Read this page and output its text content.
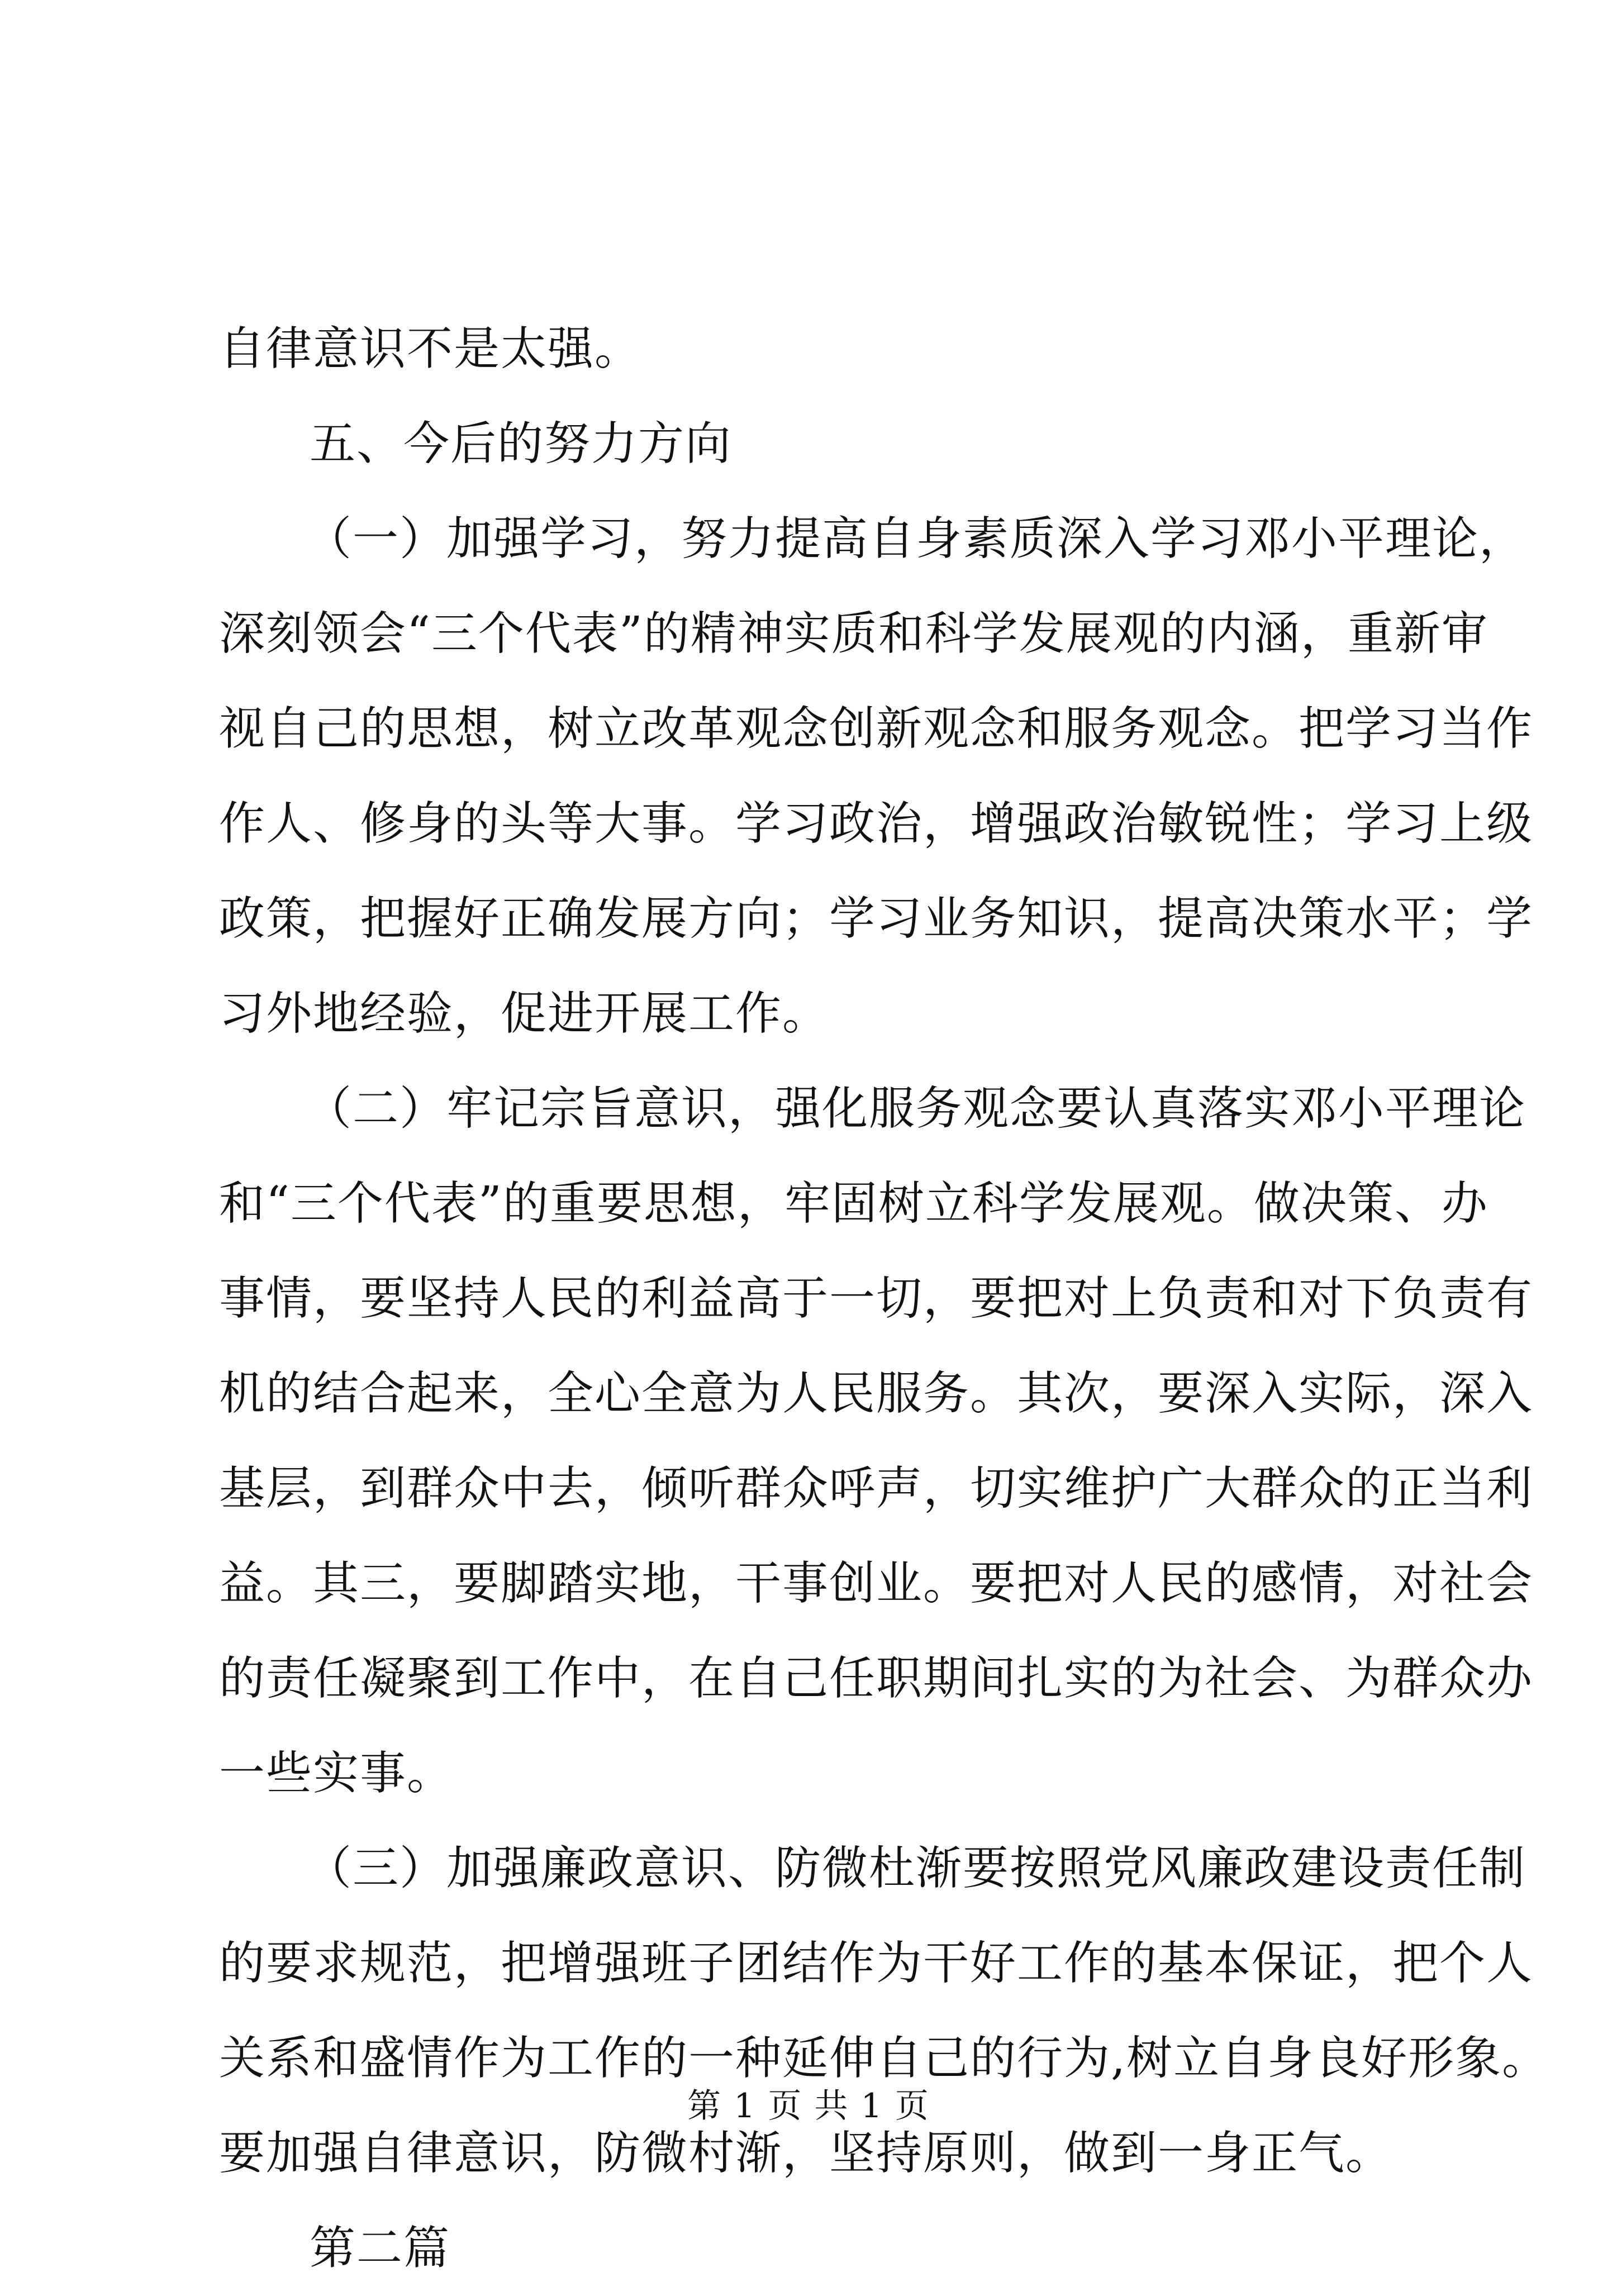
自律意识不是太强。
五、今后的努力方向
（一）加强学习，努力提高自身素质深入学习邓小平理论，
深刻领会“三个代表”的精神实质和科学发展观的内涵，重新审
视自己的思想，树立改革观念创新观念和服务观念。把学习当作
作人、修身的头等大事。学习政治，增强政治敏锐性；学习上级
政策，把握好正确发展方向；学习业务知识，提高决策水平；学
习外地经验，促进开展工作。
（二）牢记宗旨意识，强化服务观念要认真落实邓小平理论
和“三个代表”的重要思想，牢固树立科学发展观。做决策、办
事情，要坚持人民的利益高于一切，要把对上负责和对下负责有
机的结合起来，全心全意为人民服务。其次，要深入实际，深入
基层，到群众中去，倾听群众呼声，切实维护广大群众的正当利
益。其三，要脚踏实地，干事创业。要把对人民的感情，对社会
的责任凝聚到工作中，在自己任职期间扎实的为社会、为群众办
一些实事。
（三）加强廉政意识、防微杜渐要按照党风廉政建设责任制
的要求规范，把增强班子团结作为干好工作的基本保证，把个人
关系和盛情作为工作的一种延伸自己的行为,树立自身良好形象。
要加强自律意识，防微村渐，坚持原则，做到一身正气。
第二篇
第 1 页 共 1 页
